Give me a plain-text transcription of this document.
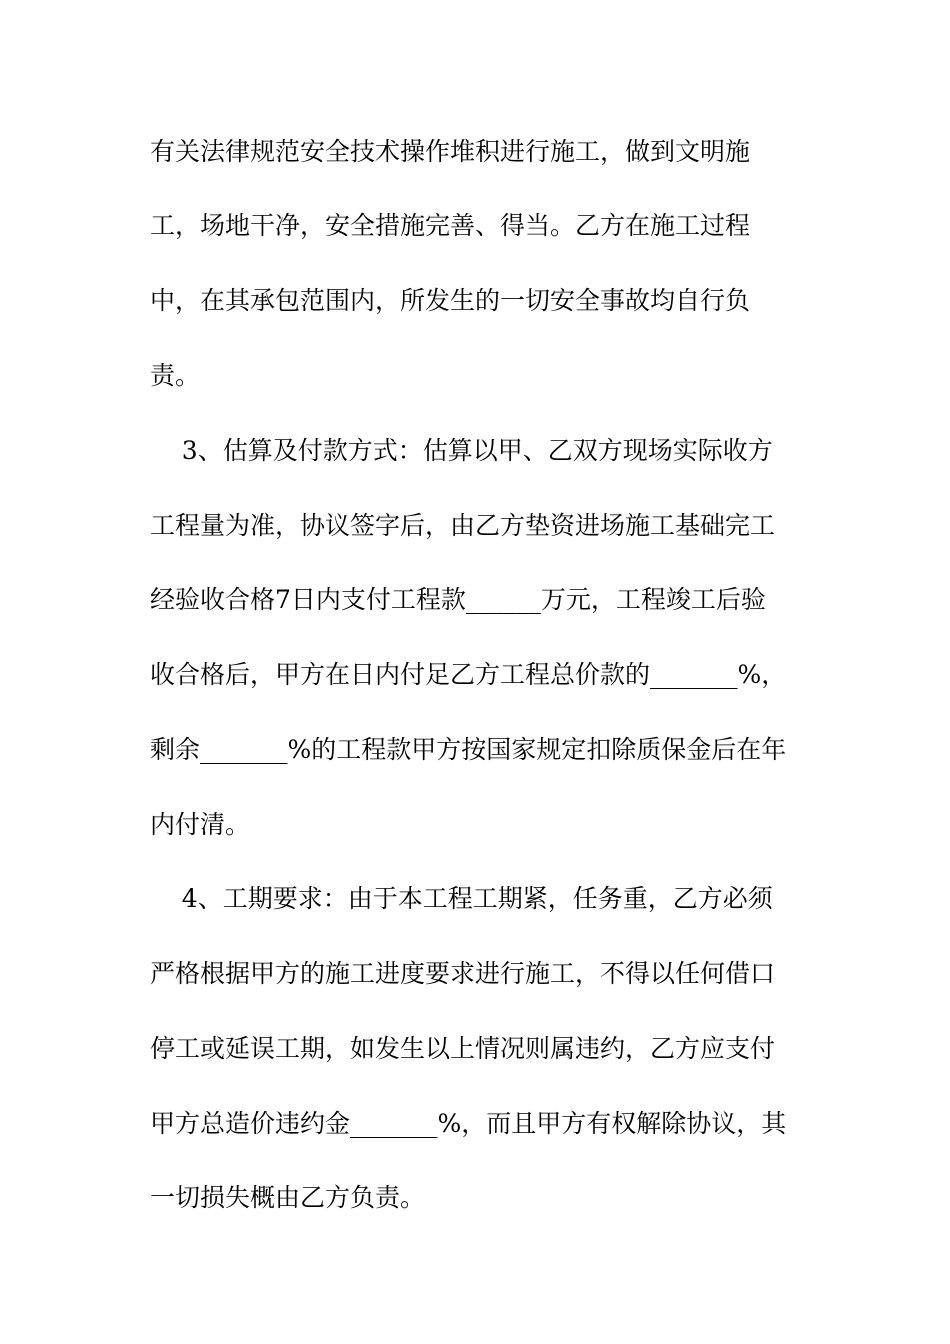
有关法律规范安全技术操作堆积进行施工，做到文明施

工，场地干净，安全措施完善、得当。乙方在施工过程

中，在其承包范围内，所发生的一切安全事故均自行负

责。

3、估算及付款方式：估算以甲、乙双方现场实际收方

工程量为准，协议签字后，由乙方垫资进场施工基础完工

经验收合格7日内支付工程款______万元，工程竣工后验

收合格后，甲方在日内付足乙方工程总价款的_______%，

剩余_______%的工程款甲方按国家规定扣除质保金后在年

内付清。

4、工期要求：由于本工程工期紧，任务重，乙方必须

严格根据甲方的施工进度要求进行施工，不得以任何借口

停工或延误工期，如发生以上情况则属违约，乙方应支付

甲方总造价违约金_______%，而且甲方有权解除协议，其

一切损失概由乙方负责。
